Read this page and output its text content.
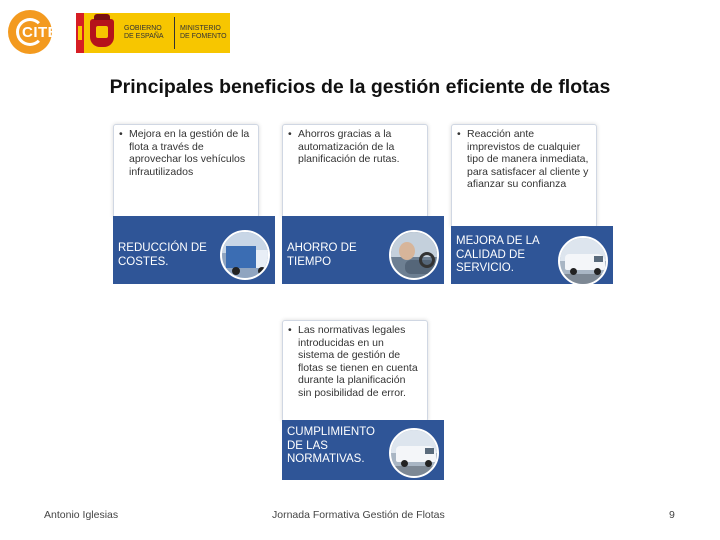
CITET	GOBIERNO DE ESPAÑA
MINISTERIO DE FOMENTO
Principales beneficios de la gestión eficiente de flotas
• Mejora en la gestión de la flota a través de aprovechar los vehículos infrautilizados
REDUCCIÓN DE COSTES.
• Ahorros gracias a la automatización de la planificación de rutas.
AHORRO DE TIEMPO
• Reacción ante imprevistos de cualquier tipo de manera inmediata, para satisfacer al cliente y afianzar su confianza
MEJORA DE LA CALIDAD DE SERVICIO.
• Las normativas legales introducidas en un sistema de gestión de flotas se tienen en cuenta durante la planificación sin posibilidad de error.
CUMPLIMIENTO DE LAS NORMATIVAS.
Antonio Iglesias	Jornada Formativa Gestión de Flotas	9
